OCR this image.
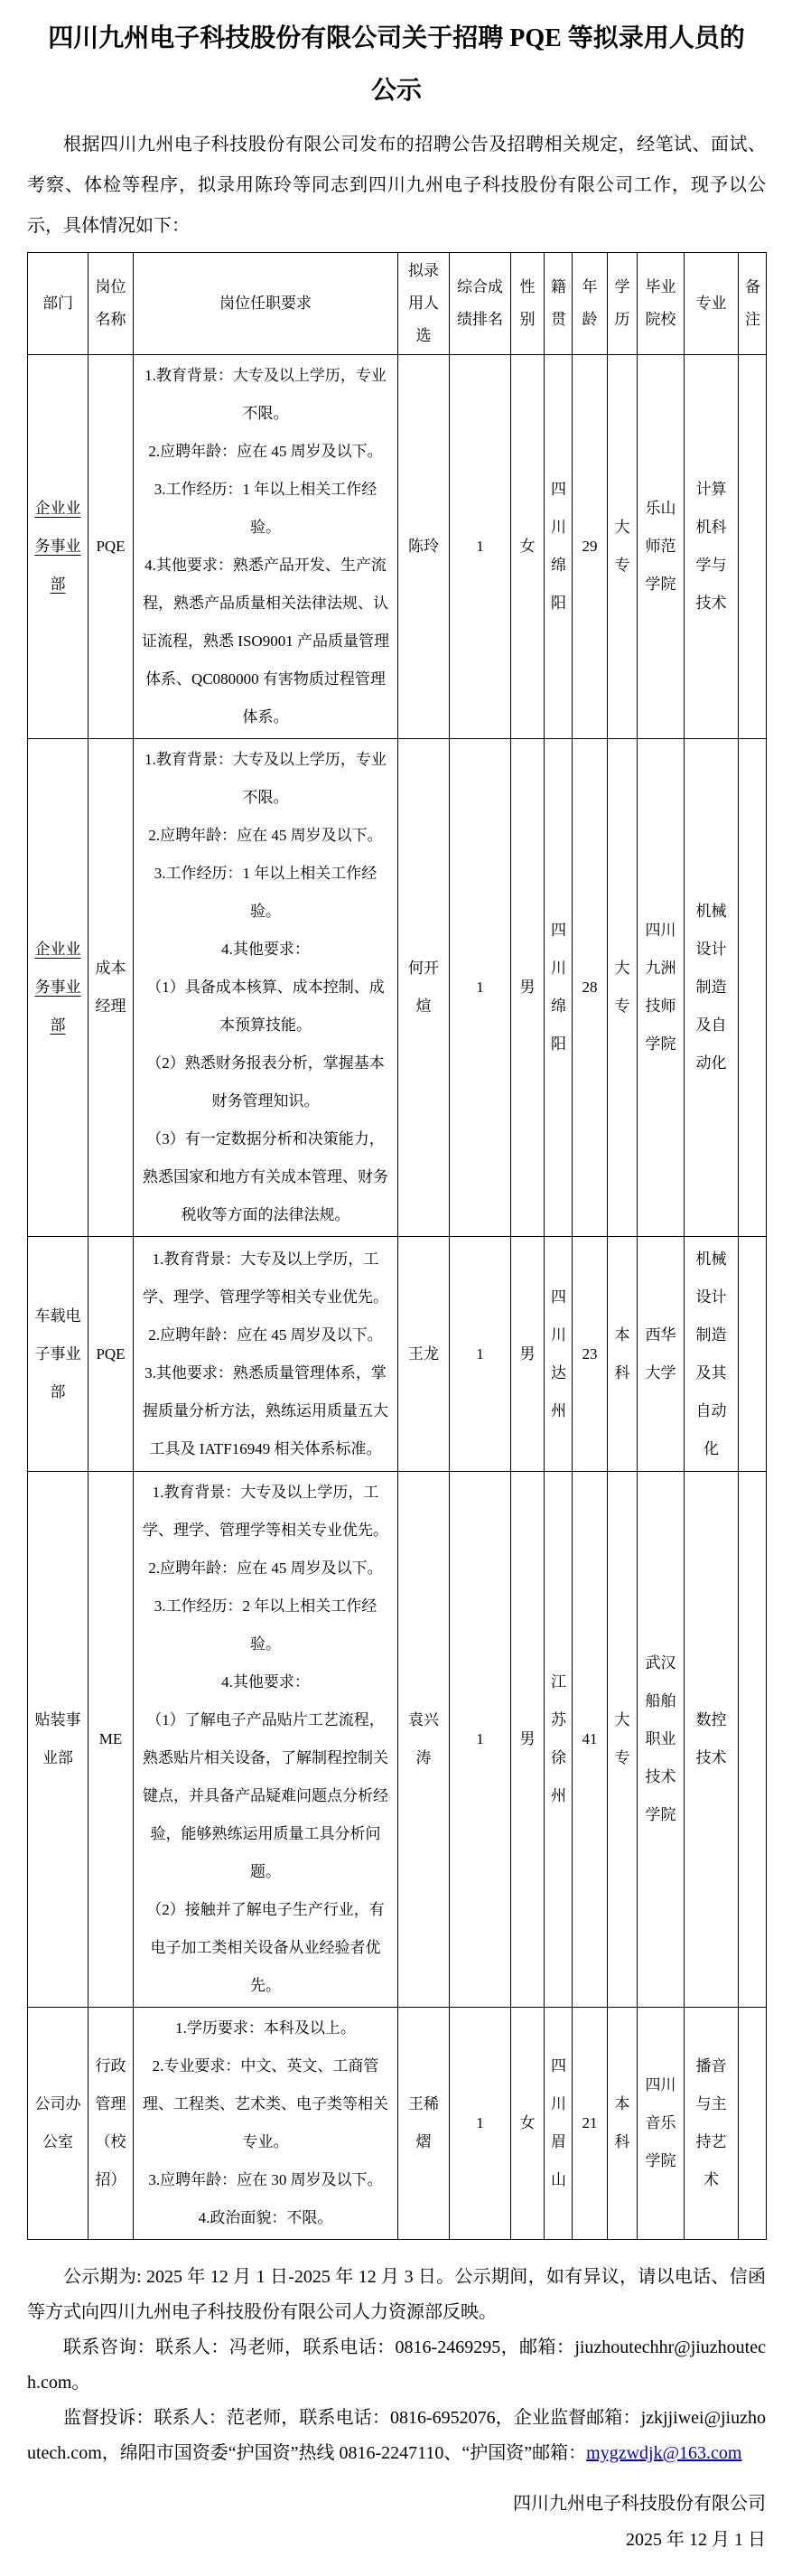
四川九州电子科技股份有限公司关于招聘 PQE 等拟录用人员的
公示

根据四川九州电子科技股份有限公司发布的招聘公告及招聘相关规定，经笔试、面试、考察、体检等程序，拟录用陈玲等同志到四川九州电子科技股份有限公司工作，现予以公示，具体情况如下：

部门	岗位名称	岗位任职要求	拟录用人选	综合成绩排名	性别	籍贯	年龄	学历	毕业院校	专业	备注
企业业务事业部	PQE	1.教育背景：大专及以上学历，专业不限。

2.应聘年龄：应在 45 周岁及以下。

3.工作经历：1 年以上相关工作经验。

4.其他要求：熟悉产品开发、生产流程，熟悉产品质量相关法律法规、认证流程，熟悉 ISO9001 产品质量管理体系、QC080000 有害物质过程管理体系。	陈玲	1	女	四川绵阳	29	大专	乐山师范学院	计算机科学与技术	
企业业务事业部	成本经理	

1.教育背景：大专及以上学历，专业不限。

2.应聘年龄：应在 45 周岁及以下。

3.工作经历：1 年以上相关工作经验。

4.其他要求：

（1）具备成本核算、成本控制、成本预算技能。

（2）熟悉财务报表分析，掌握基本财务管理知识。

（3）有一定数据分析和决策能力，熟悉国家和地方有关成本管理、财务税收等方面的法律法规。

	何开煊	1	男	四川绵阳	28	大专	四川九洲技师学院	机械设计制造及自动化	
车载电子事业部	PQE	1.教育背景：大专及以上学历，工学、理学、管理学等相关专业优先。

2.应聘年龄：应在 45 周岁及以下。

3.其他要求：熟悉质量管理体系，掌握质量分析方法，熟练运用质量五大工具及 IATF16949 相关体系标准。	王龙	1	男	四川达州	23	本科	西华大学	机械设计制造及其自动化	
贴装事业部	ME	

1.教育背景：大专及以上学历，工学、理学、管理学等相关专业优先。

2.应聘年龄：应在 45 周岁及以下。

3.工作经历：2 年以上相关工作经验。

4.其他要求：

（1）了解电子产品贴片工艺流程，熟悉贴片相关设备，了解制程控制关键点，并具备产品疑难问题点分析经验，能够熟练运用质量工具分析问题。

（2）接触并了解电子生产行业，有电子加工类相关设备从业经验者优先。

	袁兴涛	1	男	江苏徐州	41	大专	武汉船舶职业技术学院	数控技术	
公司办公室	行政管理（校招）	1.学历要求：本科及以上。

2.专业要求：中文、英文、工商管理、工程类、艺术类、电子类等相关专业。

3.应聘年龄：应在 30 周岁及以下。

4.政治面貌：不限。	王稀熠	1	女	四川眉山	21	本科	四川音乐学院	播音与主持艺术	

公示期为: 2025 年 12 月 1 日-2025 年 12 月 3 日。公示期间，如有异议，请以电话、信函等方式向四川九州电子科技股份有限公司人力资源部反映。

联系咨询：联系人：冯老师，联系电话：0816-2469295，邮箱：jiuzhoutechhr@jiuzhoutech.com。

监督投诉：联系人：范老师，联系电话：0816-6952076，企业监督邮箱：jzkjjiwei@jiuzhoutech.com，绵阳市国资委“护国资”热线 0816-2247110、“护国资”邮箱：mygzwdjk@163.com

四川九州电子科技股份有限公司

2025 年 12 月 1 日
